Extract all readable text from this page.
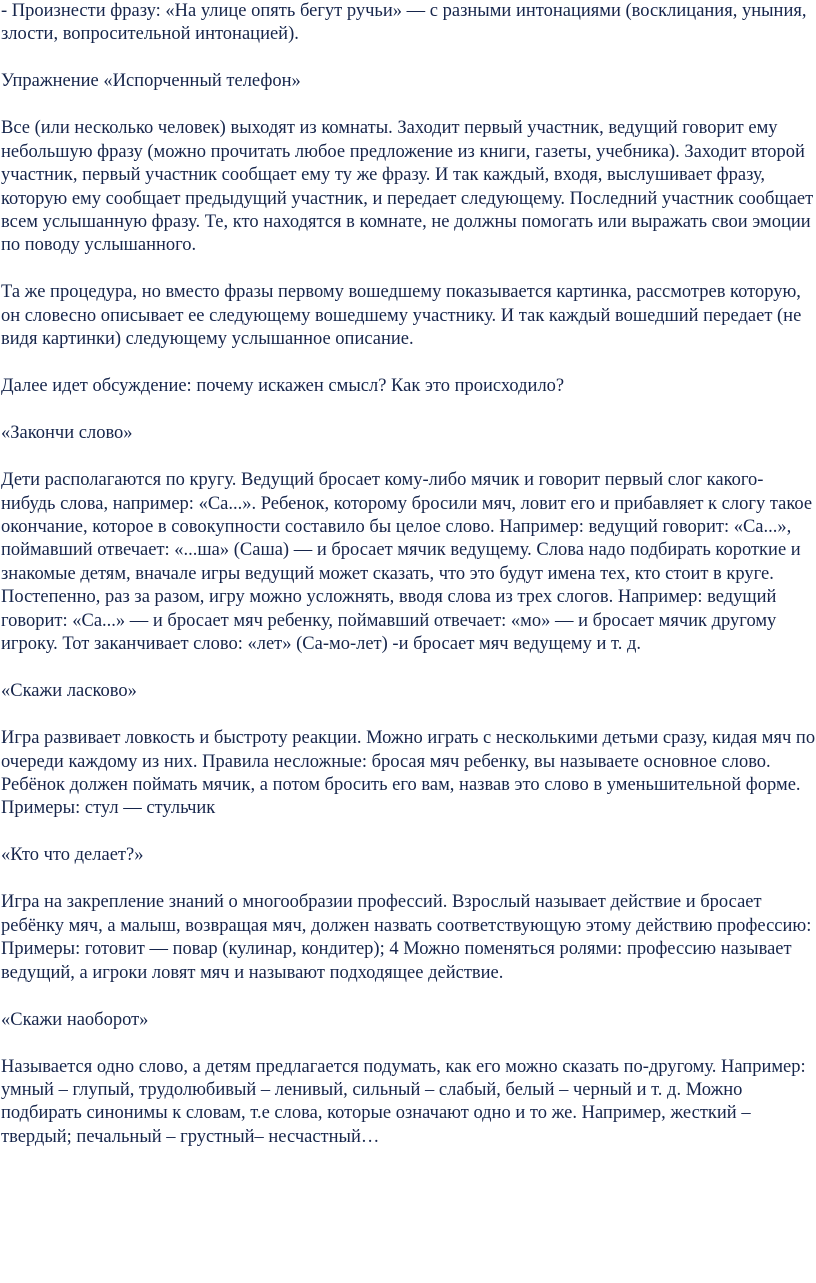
- Произнести фразу: «На улице опять бегут ручьи» — с разными интонациями (восклицания, уныния, злости, вопросительной интонацией).

Упражнение «Испорченный телефон»

Все (или несколько человек) выходят из комнаты. Заходит первый участник, ведущий говорит ему небольшую фразу (можно прочитать любое предложение из книги, газеты, учебника). Заходит второй участник, первый участник сообщает ему ту же фразу. И так каждый, входя, выслушивает фразу, которую ему сообщает предыдущий участник, и передает следующему. Последний участник сообщает всем услышанную фразу. Те, кто находятся в комнате, не должны помогать или выражать свои эмоции по поводу услышанного.

Та же процедура, но вместо фразы первому вошедшему показывается картинка, рассмотрев которую, он словесно описывает ее следующему вошедшему участнику. И так каждый вошедший передает (не видя картинки) следующему услышанное описание.

Далее идет обсуждение: почему искажен смысл? Как это происходило?

«Закончи слово»

Дети располагаются по кругу. Ведущий бросает кому-либо мячик и говорит первый слог какого-нибудь слова, например: «Са...». Ребенок, которому бросили мяч, ловит его и прибавляет к слогу такое окончание, которое в совокупности составило бы целое слово. Например: ведущий говорит: «Са...», поймавший отвечает: «...ша» (Саша) — и бросает мячик ведущему. Слова надо подбирать короткие и знакомые детям, вначале игры ведущий может сказать, что это будут имена тех, кто стоит в круге. Постепенно, раз за разом, игру можно усложнять, вводя слова из трех слогов. Например: ведущий говорит: «Са...» — и бросает мяч ребенку, поймавший отвечает: «мо» — и бросает мячик другому игроку. Тот заканчивает слово: «лет» (Са-мо-лет) -и бросает мяч ведущему и т. д.

«Скажи ласково»

Игра развивает ловкость и быстроту реакции. Можно играть с несколькими детьми сразу, кидая мяч по очереди каждому из них. Правила несложные: бросая мяч ребенку, вы называете основное слово. Ребёнок должен поймать мячик, а потом бросить его вам, назвав это слово в уменьшительной форме. Примеры: стул — стульчик

«Кто что делает?»

Игра на закрепление знаний о многообразии профессий. Взрослый называет действие и бросает ребёнку мяч, а малыш, возвращая мяч, должен назвать соответствующую этому действию профессию: Примеры: готовит — повар (кулинар, кондитер); 4 Можно поменяться ролями: профессию называет ведущий, а игроки ловят мяч и называют подходящее действие.

«Скажи наоборот»

Называется одно слово, а детям предлагается подумать, как его можно сказать по-другому. Например: умный – глупый, трудолюбивый – ленивый, сильный – слабый, белый – черный и т. д. Можно подбирать синонимы к словам, т.е слова, которые означают одно и то же. Например, жесткий – твердый; печальный – грустный– несчастный…
